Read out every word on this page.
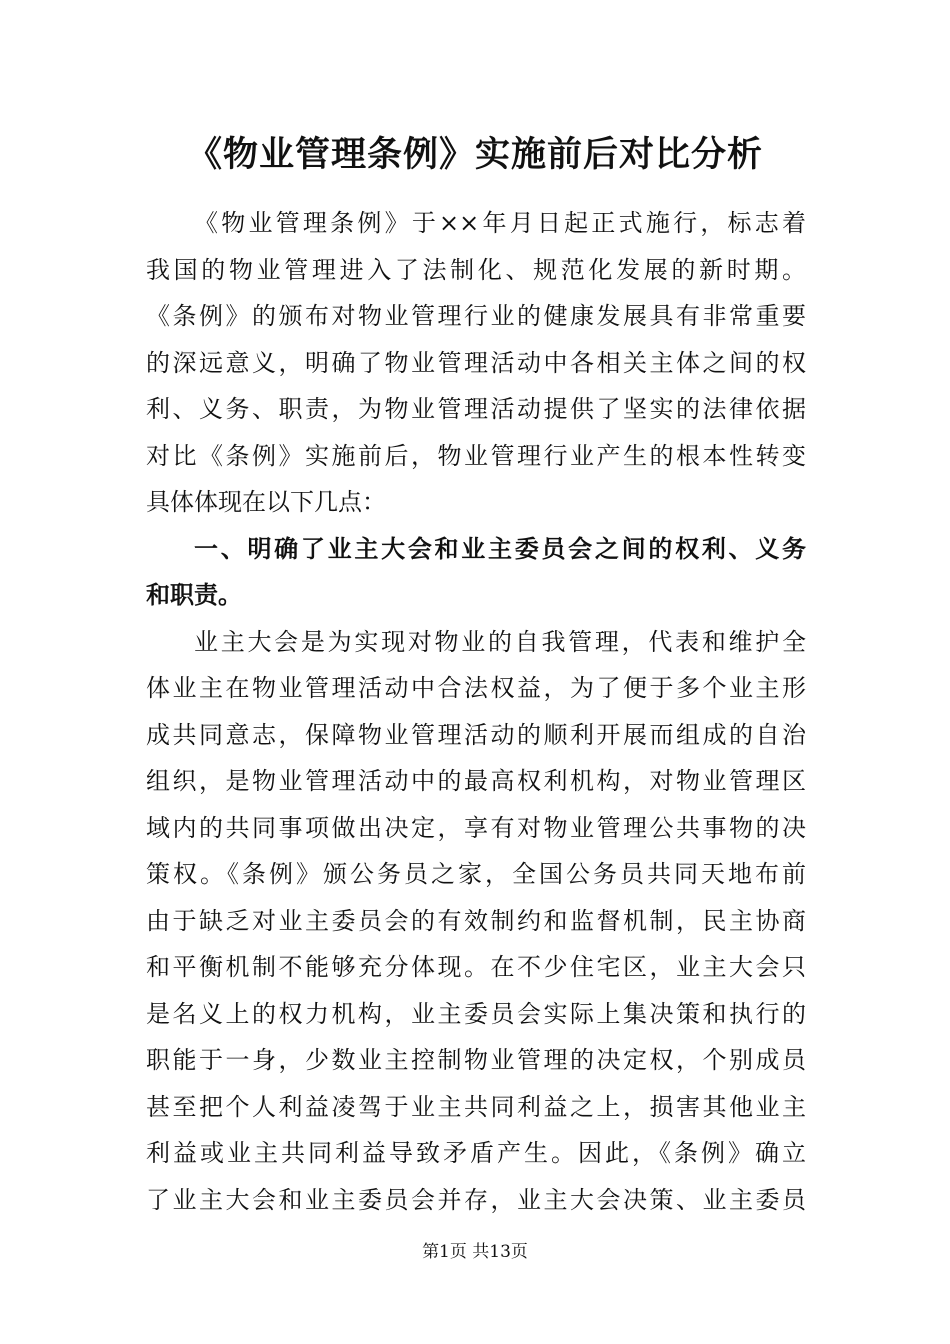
《物业管理条例》实施前后对比分析
《物业管理条例》于××年月日起正式施行，标志着
我国的物业管理进入了法制化、规范化发展的新时期。
《条例》的颁布对物业管理行业的健康发展具有非常重要
的深远意义，明确了物业管理活动中各相关主体之间的权
利、义务、职责，为物业管理活动提供了坚实的法律依据
对比《条例》实施前后，物业管理行业产生的根本性转变
具体体现在以下几点：
一、明确了业主大会和业主委员会之间的权利、义务
和职责。
业主大会是为实现对物业的自我管理，代表和维护全
体业主在物业管理活动中合法权益，为了便于多个业主形
成共同意志，保障物业管理活动的顺利开展而组成的自治
组织，是物业管理活动中的最高权利机构，对物业管理区
域内的共同事项做出决定，享有对物业管理公共事物的决
策权。《条例》颁公务员之家，全国公务员共同天地布前
由于缺乏对业主委员会的有效制约和监督机制，民主协商
和平衡机制不能够充分体现。在不少住宅区，业主大会只
是名义上的权力机构，业主委员会实际上集决策和执行的
职能于一身，少数业主控制物业管理的决定权，个别成员
甚至把个人利益凌驾于业主共同利益之上，损害其他业主
利益或业主共同利益导致矛盾产生。因此，《条例》确立
了业主大会和业主委员会并存，业主大会决策、业主委员
第1页 共13页
